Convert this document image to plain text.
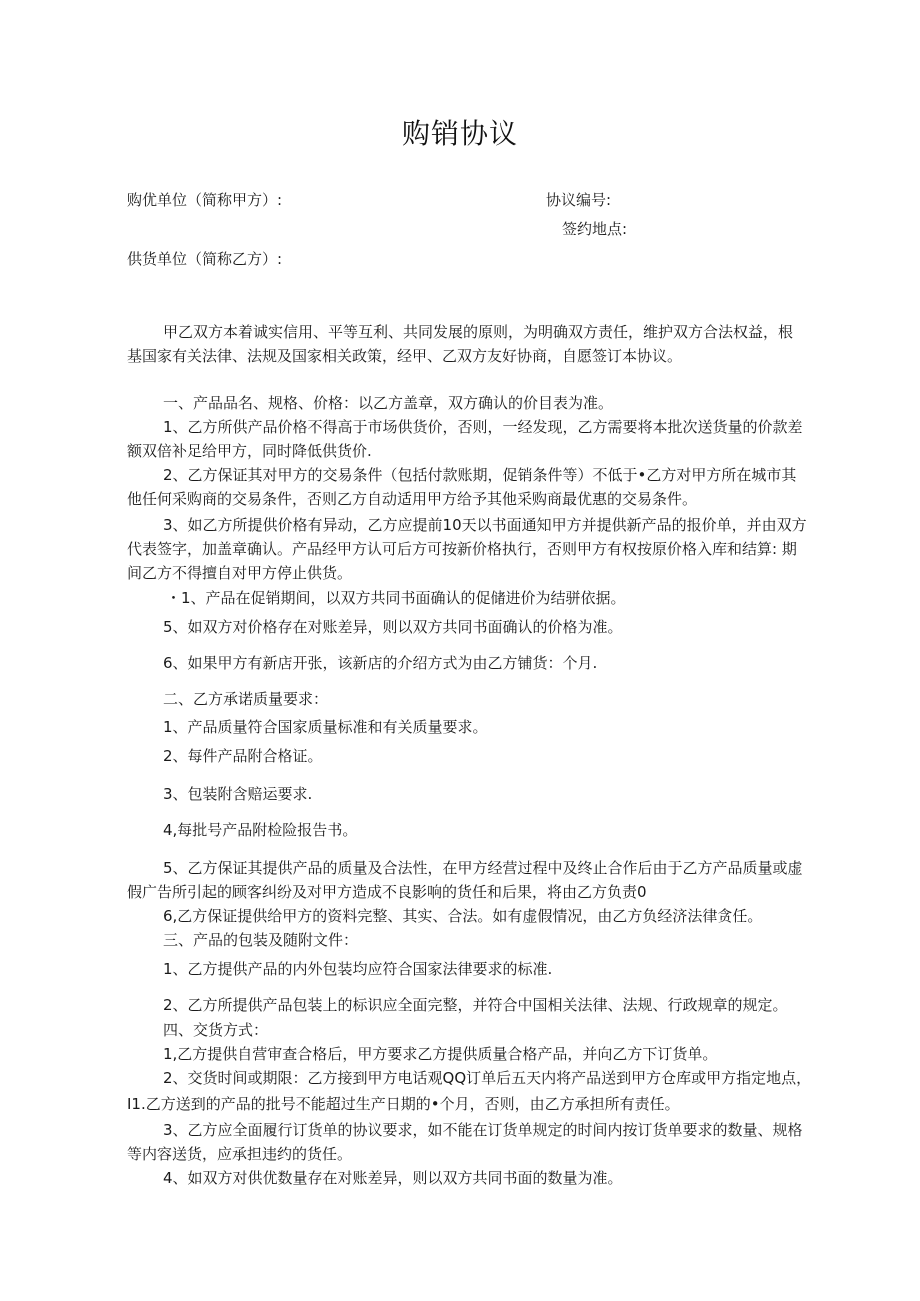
购销协议
购优单位（简称甲方）:	协议编号:
签约地点:
供货单位（简称乙方）:
甲乙双方本着诚实信用、平等互利、共同发展的原则，为明确双方责任，维护双方合法权益，根
基国家有关法律、法规及国家相关政策，经甲、乙双方友好协商，自愿签订本协议。
一、产品品名、规格、价格：以乙方盖章，双方确认的价目表为准。
1、乙方所供产品价格不得高于市场供货价，否则，一经发现，乙方需要将本批次送货量的价款差
额双倍补足给甲方，同时降低供货价.
2、乙方保证其对甲方的交易条件（包括付款账期，促销条件等）不低于•乙方对甲方所在城市其
他任何采购商的交易条件，否则乙方自动适用甲方给予其他采购商最优惠的交易条件。
3、如乙方所提供价格有异动，乙方应提前10天以书面通知甲方并提供新产品的报价单，并由双方
代表签字，加盖章确认。产品经甲方认可后方可按新价格执行，否则甲方有权按原价格入库和结算: 期
间乙方不得擅自对甲方停止供货。
・1、产品在促销期间，以双方共同书面确认的促储进价为结骈依据。
5、如双方对价格存在对账差异，则以双方共同书面确认的价格为准。
6、如果甲方有新店开张，该新店的介绍方式为由乙方铺货：个月.
二、乙方承诺质量要求：
1、产品质量符合国家质量标准和有关质量要求。
2、每件产品附合格证。
3、包装附含赔运要求.
4,每批号产品附检险报告书。
5、乙方保证其提供产品的质量及合法性，在甲方经营过程中及终止合作后由于乙方产品质量或虚
假广告所引起的顾客纠纷及对甲方造成不良影响的货任和后果，将由乙方负责0
6,乙方保证提供给甲方的资料完整、其实、合法。如有虚假情况，由乙方负经济法律贪任。
三、产品的包装及随附文件：
1、乙方提供产品的内外包装均应符合国家法律要求的标准.
2、乙方所提供产品包装上的标识应全面完整，并符合中国相关法律、法规、行政规章的规定。
四、交货方式：
1,乙方提供自营审查合格后，甲方要求乙方提供质量合格产品，并向乙方下订货单。
2、交货时间或期限：乙方接到甲方电话观QQ订单后五天内将产品送到甲方仓库或甲方指定地点，
I1.乙方送到的产品的批号不能超过生产日期的•个月，否则，由乙方承担所有责任。
3、乙方应全面履行订货单的协议要求，如不能在订货单规定的时间内按订货单要求的数量、规格
等内容送货，应承担违约的货任。
4、如双方对供优数量存在对账差异，则以双方共同书面的数量为准。
